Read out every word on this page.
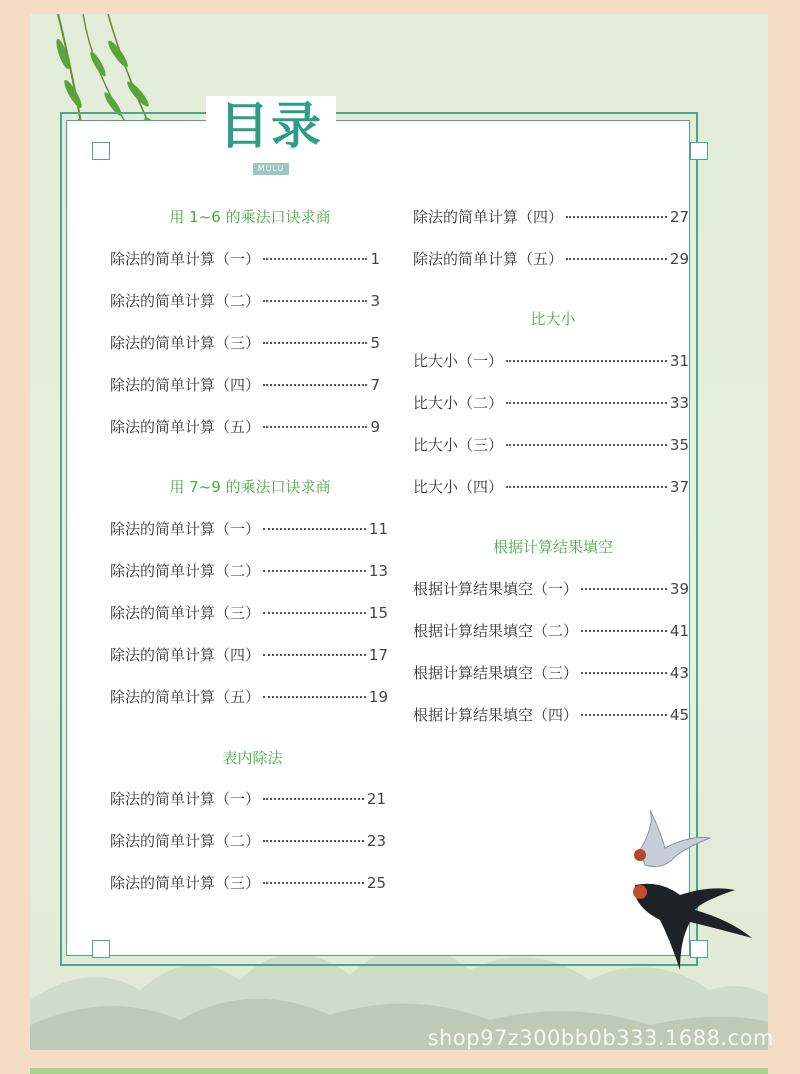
目录
MULU
用 1~6 的乘法口诀求商
除法的简单计算（一）	1
除法的简单计算（二）	3
除法的简单计算（三）	5
除法的简单计算（四）	7
除法的简单计算（五）	9
用 7~9 的乘法口诀求商
除法的简单计算（一）	11
除法的简单计算（二）	13
除法的简单计算（三）	15
除法的简单计算（四）	17
除法的简单计算（五）	19
表内除法
除法的简单计算（一）	21
除法的简单计算（二）	23
除法的简单计算（三）	25
除法的简单计算（四）	27
除法的简单计算（五）	29
比大小
比大小（一）	31
比大小（二）	33
比大小（三）	35
比大小（四）	37
根据计算结果填空
根据计算结果填空（一）	39
根据计算结果填空（二）	41
根据计算结果填空（三）	43
根据计算结果填空（四）	45
shop97z300bb0b333.1688.com
